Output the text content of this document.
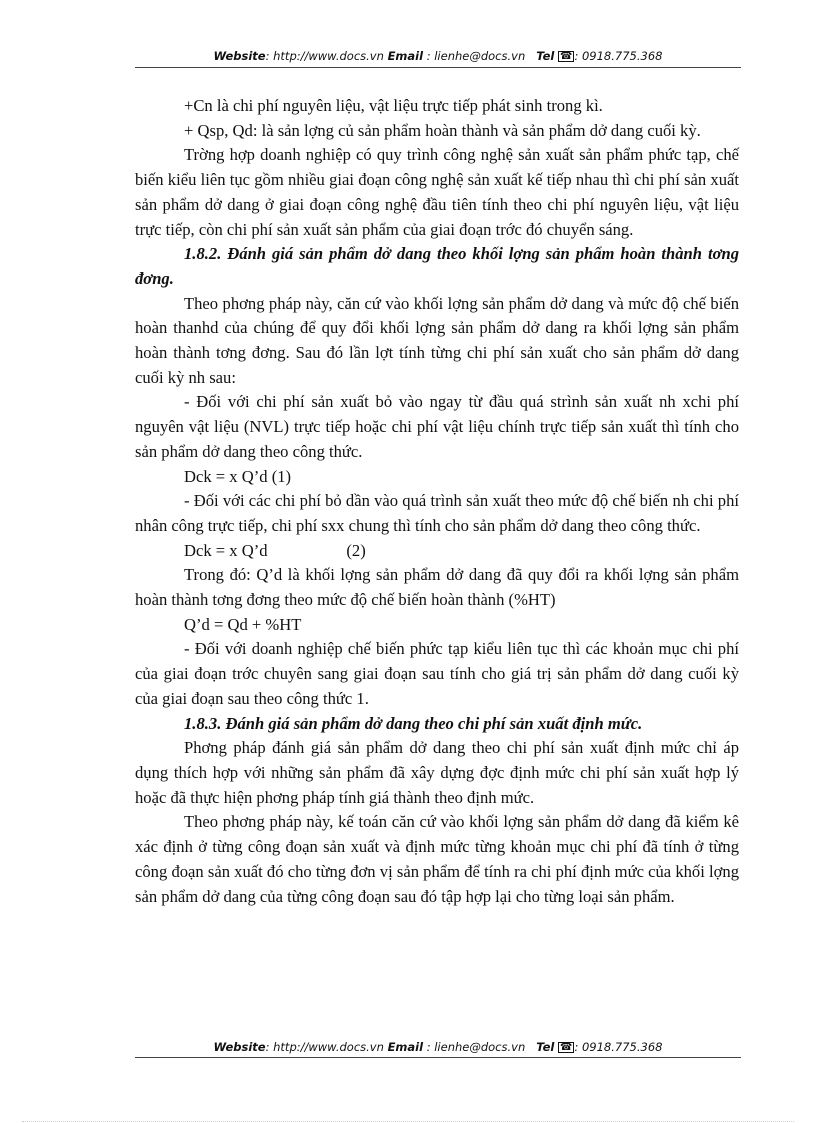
Website: http://www.docs.vn Email : lienhe@docs.vn Tel ☎ : 0918.775.368

+Cn là chi phí nguyên liệu, vật liệu trực tiếp phát sinh trong kì.

+ Qsp, Qd: là sản lợng củ sản phẩm hoàn thành và sản phẩm dở dang cuối kỳ.

Trờng hợp doanh nghiệp có quy trình công nghệ sản xuất sản phẩm phức tạp, chế biến kiểu liên tục gồm nhiều giai đoạn công nghệ sản xuất kế tiếp nhau thì chi phí sản xuất sản phẩm dở dang ở giai đoạn công nghệ đầu tiên tính theo chi phí nguyên liệu, vật liệu trực tiếp, còn chi phí sản xuất sản phẩm của giai đoạn trớc đó chuyển sáng.

1.8.2. Đánh giá sản phẩm dở dang theo khối lợng sản phẩm hoàn thành tơng đơng.

Theo phơng pháp này, căn cứ vào khối lợng sản phẩm dở dang và mức độ chế biến hoàn thanhd của chúng để quy đổi khối lợng sản phẩm dở dang ra khối lợng sản phẩm hoàn thành tơng đơng. Sau đó lần lợt tính từng chi phí sản xuất cho sản phẩm dở dang cuối kỳ nh sau:

- Đối với chi phí sản xuất bỏ vào ngay từ đầu quá strình sản xuất nh xchi phí nguyên vật liệu (NVL) trực tiếp hoặc chi phí vật liệu chính trực tiếp sản xuất thì tính cho sản phẩm dở dang theo công thức.

Dck = x Q’d (1)

- Đối với các chi phí bỏ dần vào quá trình sản xuất theo mức độ chế biến nh chi phí nhân công trực tiếp, chi phí sxx chung thì tính cho sản phẩm dở dang theo công thức.

Dck = x Q’d                   (2)

Trong đó: Q’d là khối lợng sản phẩm dở dang đã quy đổi ra khối lợng sản phẩm hoàn thành tơng đơng theo mức độ chế biến hoàn thành (%HT)

Q’d = Qd + %HT

- Đối với doanh nghiệp chế biến phức tạp kiểu liên tục thì các khoản mục chi phí của giai đoạn trớc chuyên sang giai đoạn sau tính cho giá trị sản phẩm dở dang cuối kỳ của giai đoạn sau theo công thức 1.

1.8.3. Đánh giá sản phẩm dở dang theo chi phí sản xuất định mức.

Phơng pháp đánh giá sản phẩm dở dang theo chi phí sản xuất định mức chỉ áp dụng thích hợp với những sản phẩm đã xây dựng đợc định mức chi phí sản xuất hợp lý hoặc đã thực hiện phơng pháp tính giá thành theo định mức.

Theo phơng pháp này, kế toán căn cứ vào khối lợng sản phẩm dở dang đã kiểm kê xác định ở từng công đoạn sản xuất và định mức từng khoản mục chi phí đã tính ở từng công đoạn sản xuất đó cho từng đơn vị sản phẩm để tính ra chi phí định mức của khối lợng sản phẩm dở dang của từng công đoạn sau đó tập hợp lại cho từng loại sản phẩm.

Website: http://www.docs.vn Email : lienhe@docs.vn Tel ☎ : 0918.775.368
